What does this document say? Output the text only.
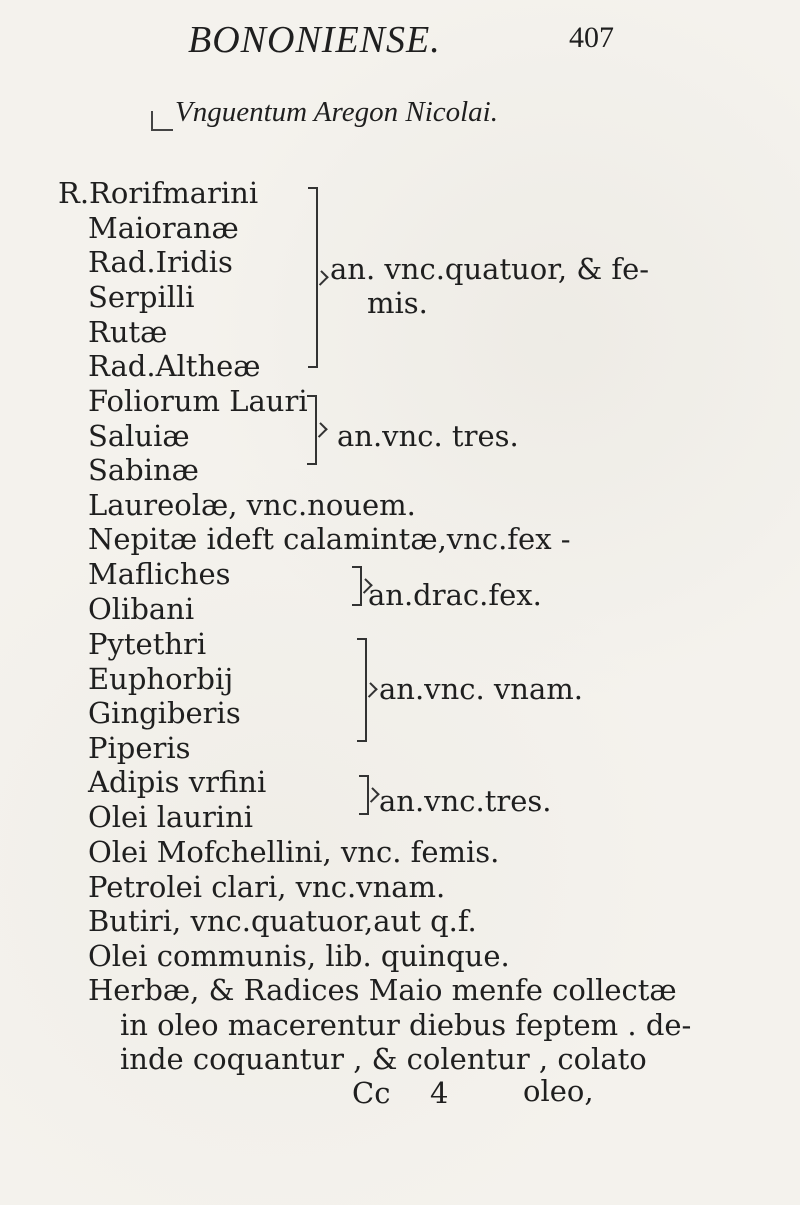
BONONIENSE.	407
Vnguentum Aregon Nicolai.
R.Rorifmarini
Maioranæ
Rad.Iridis
Serpilli
Rutæ
Rad.Altheæ
an. vnc.quatuor, & fe-
mis.
Foliorum Lauri
Saluiæ
Sabinæ
an.vnc. tres.
Laureolæ, vnc.nouem.
Nepitæ ideft calamintæ,vnc.fex -
Mafliches
Olibani	an.drac.fex.
Pytethri
Euphorbij
Gingiberis
Piperis
an.vnc. vnam.
Adipis vrfini
Olei laurini	an.vnc.tres.
Olei Mofchellini, vnc. femis.
Petrolei clari, vnc.vnam.
Butiri, vnc.quatuor,aut q.f.
Olei communis, lib. quinque.
Herbæ, & Radices Maio menfe collectæ
in oleo macerentur diebus feptem . de-
inde coquantur , & colentur , colato
Cc 4	oleo,
